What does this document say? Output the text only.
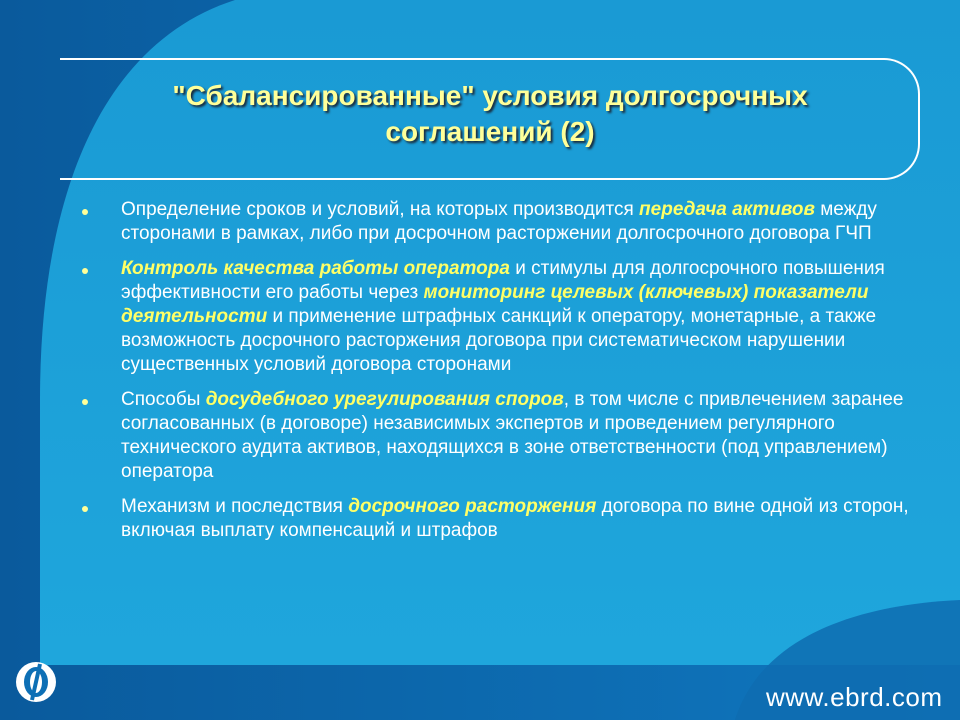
"Сбалансированные" условия долгосрочных соглашений (2)
Определение сроков и условий, на которых производится передача активов между сторонами в рамках, либо при досрочном расторжении долгосрочного договора ГЧП
Контроль качества работы оператора и стимулы для долгосрочного повышения эффективности его работы через мониторинг целевых (ключевых) показатели деятельности и применение штрафных санкций к оператору, монетарные, а также возможность досрочного расторжения договора при систематическом нарушении существенных условий договора сторонами
Способы досудебного урегулирования споров, в том числе с привлечением заранее согласованных (в договоре) независимых экспертов и проведением регулярного технического аудита активов, находящихся в зоне ответственности (под управлением) оператора
Механизм и последствия досрочного расторжения договора по вине одной из сторон, включая выплату компенсаций и штрафов
www.ebrd.com
